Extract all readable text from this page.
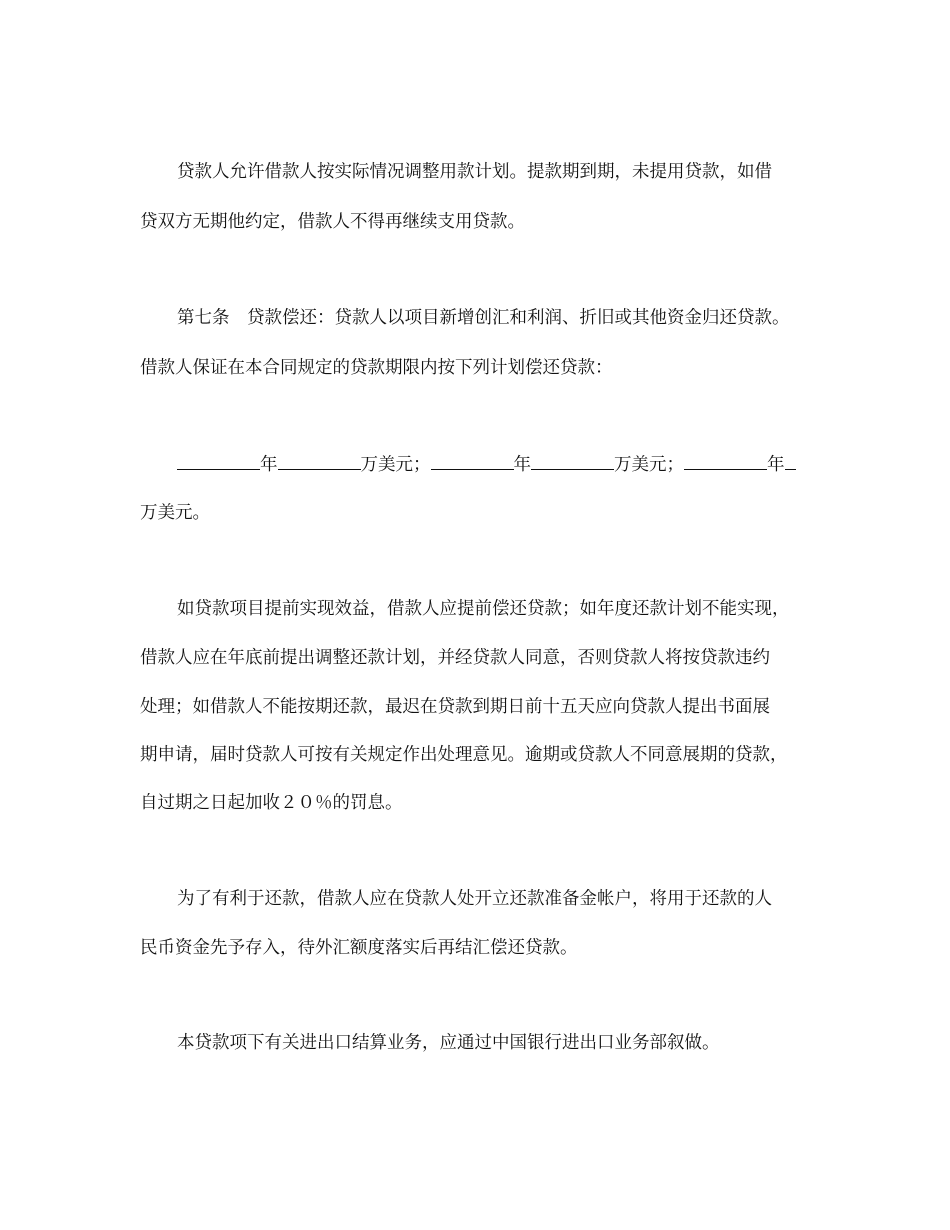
贷款人允许借款人按实际情况调整用款计划。提款期到期，未提用贷款，如借
贷双方无期他约定，借款人不得再继续支用贷款。
第七条　贷款偿还：贷款人以项目新增创汇和利润、折旧或其他资金归还贷款。
借款人保证在本合同规定的贷款期限内按下列计划偿还贷款：
年	万美元；	年	万美元；	年
万美元。
如贷款项目提前实现效益，借款人应提前偿还贷款；如年度还款计划不能实现，
借款人应在年底前提出调整还款计划，并经贷款人同意，否则贷款人将按贷款违约
处理；如借款人不能按期还款，最迟在贷款到期日前十五天应向贷款人提出书面展
期申请，届时贷款人可按有关规定作出处理意见。逾期或贷款人不同意展期的贷款，
自过期之日起加收２０％的罚息。
为了有利于还款，借款人应在贷款人处开立还款准备金帐户，将用于还款的人
民币资金先予存入，待外汇额度落实后再结汇偿还贷款。
本贷款项下有关进出口结算业务，应通过中国银行进出口业务部叙做。
